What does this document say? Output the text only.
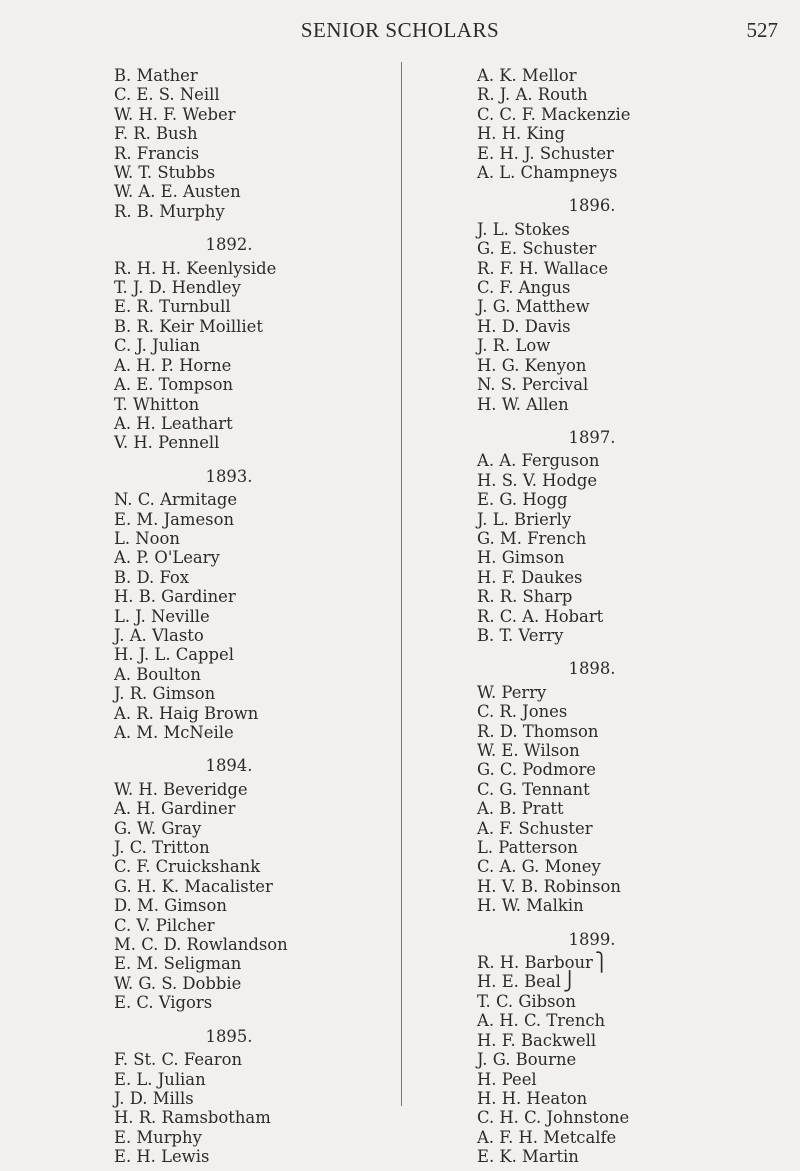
SENIOR SCHOLARS	527
B. Mather
C. E. S. Neill
W. H. F. Weber
F. R. Bush
R. Francis
W. T. Stubbs
W. A. E. Austen
R. B. Murphy
1892.
R. H. H. Keenlyside
T. J. D. Hendley
E. R. Turnbull
B. R. Keir Moilliet
C. J. Julian
A. H. P. Horne
A. E. Tompson
T. Whitton
A. H. Leathart
V. H. Pennell
1893.
N. C. Armitage
E. M. Jameson
L. Noon
A. P. O'Leary
B. D. Fox
H. B. Gardiner
L. J. Neville
J. A. Vlasto
H. J. L. Cappel
A. Boulton
J. R. Gimson
A. R. Haig Brown
A. M. McNeile
1894.
W. H. Beveridge
A. H. Gardiner
G. W. Gray
J. C. Tritton
C. F. Cruickshank
G. H. K. Macalister
D. M. Gimson
C. V. Pilcher
M. C. D. Rowlandson
E. M. Seligman
W. G. S. Dobbie
E. C. Vigors
1895.
F. St. C. Fearon
E. L. Julian
J. D. Mills
H. R. Ramsbotham
E. Murphy
E. H. Lewis
A. K. Mellor
R. J. A. Routh
C. C. F. Mackenzie
H. H. King
E. H. J. Schuster
A. L. Champneys
1896.
J. L. Stokes
G. E. Schuster
R. F. H. Wallace
C. F. Angus
J. G. Matthew
H. D. Davis
J. R. Low
H. G. Kenyon
N. S. Percival
H. W. Allen
1897.
A. A. Ferguson
H. S. V. Hodge
E. G. Hogg
J. L. Brierly
G. M. French
H. Gimson
H. F. Daukes
R. R. Sharp
R. C. A. Hobart
B. T. Verry
1898.
W. Perry
C. R. Jones
R. D. Thomson
W. E. Wilson
G. C. Podmore
C. G. Tennant
A. B. Pratt
A. F. Schuster
L. Patterson
C. A. G. Money
H. V. B. Robinson
H. W. Malkin
1899.
R. H. Barbour ⎫
H. E. Beal ⎭
T. C. Gibson
A. H. C. Trench
H. F. Backwell
J. G. Bourne
H. Peel
H. H. Heaton
C. H. C. Johnstone
A. F. H. Metcalfe
E. K. Martin
